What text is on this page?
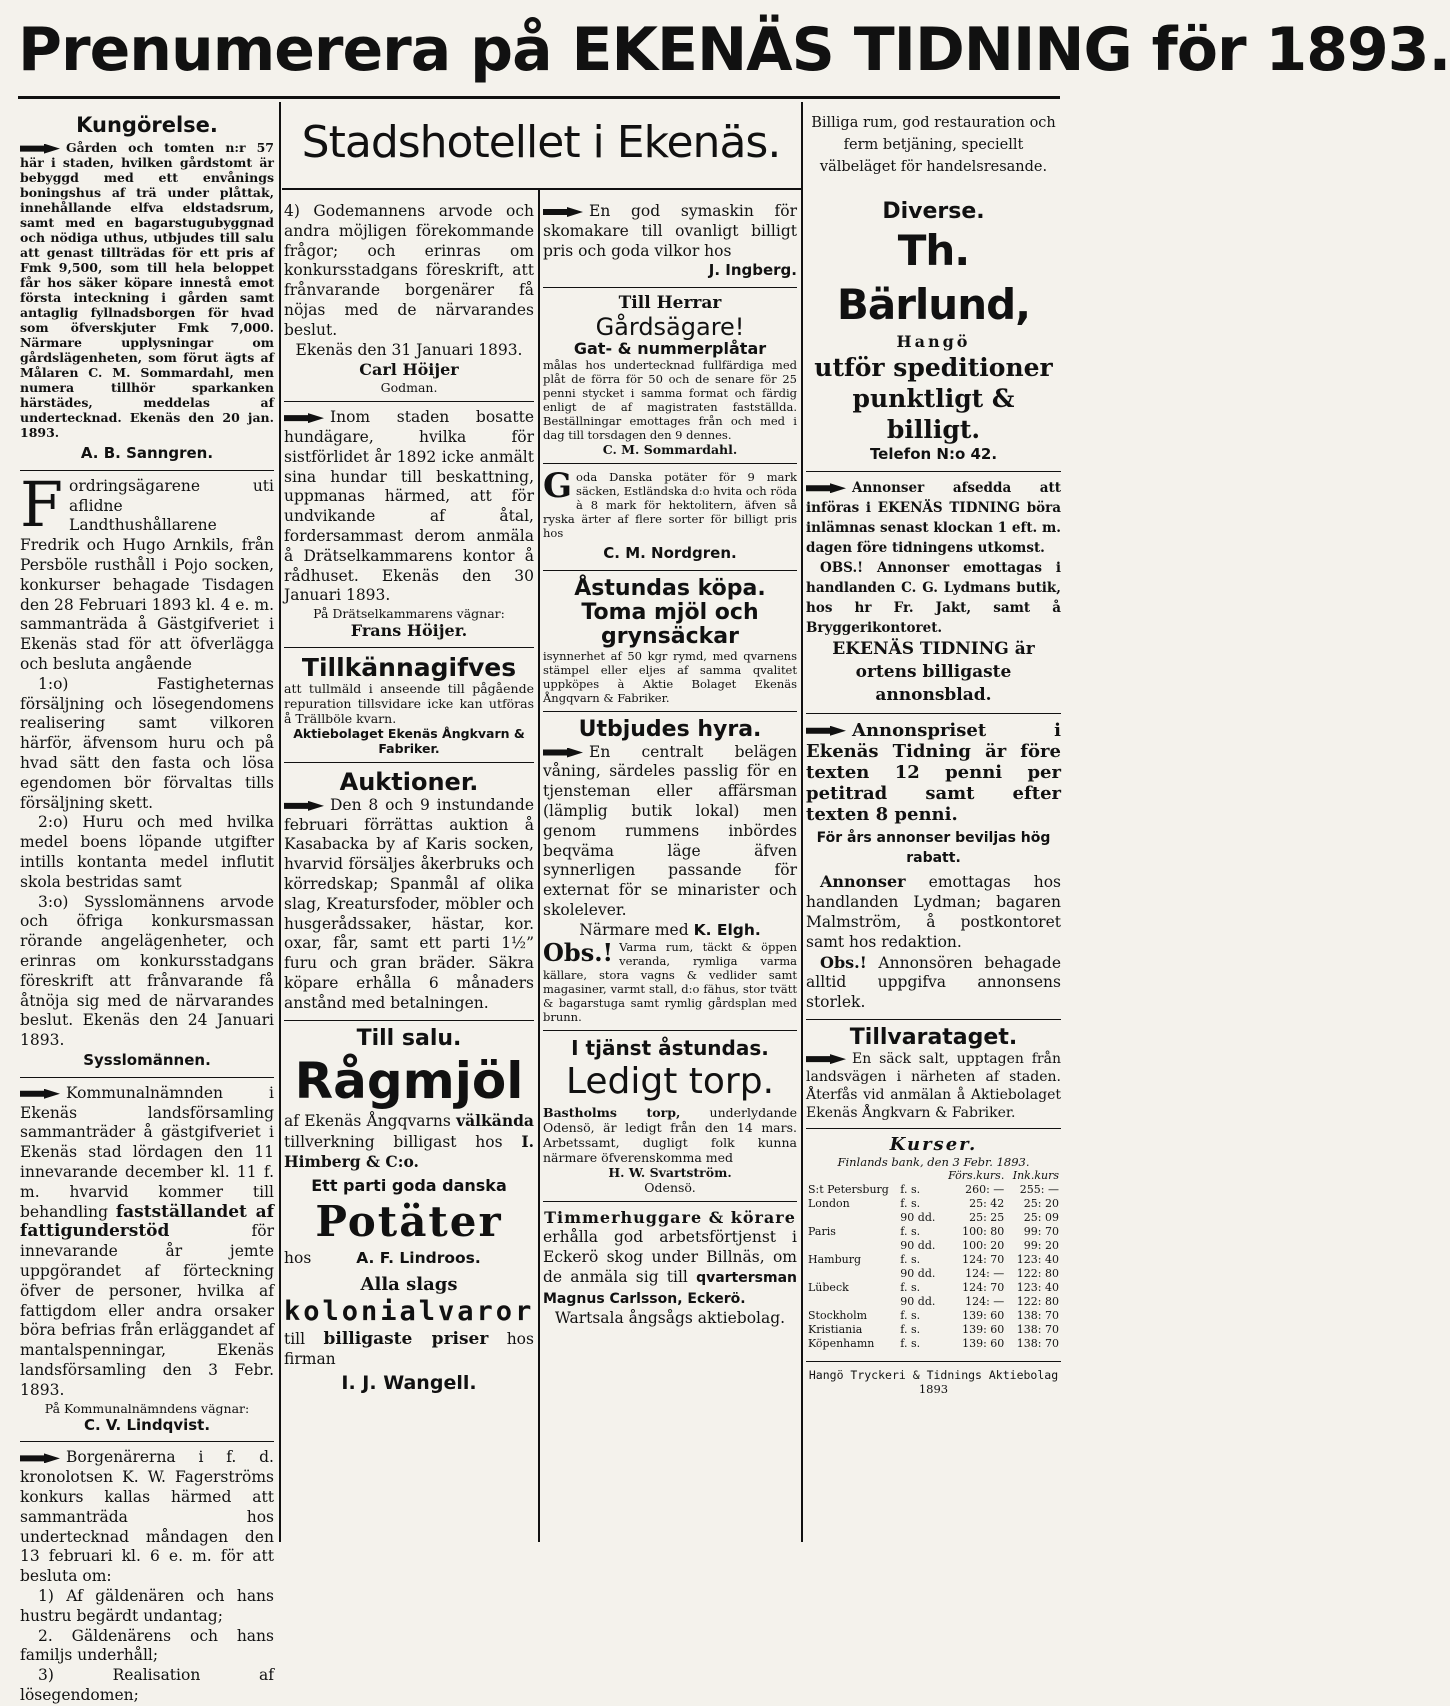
Prenumerera på EKENÄS TIDNING för 1893.

Kungörelse.

Gården och tomten n:r 57 här i staden, hvilken gårdstomt är bebyggd med ett envånings boningshus af trä under plåttak, innehållande elfva eldstadsrum, samt med en bagarstugubyggnad och nödiga uthus, utbjudes till salu att genast tillträdas för ett pris af Fmk 9,500, som till hela beloppet får hos säker köpare innestå emot första inteckning i gården samt antaglig fyllnadsborgen för hvad som öfverskjuter Fmk 7,000. Närmare upplysningar om gårdslägenheten, som förut ägts af Målaren C. M. Sommardahl, men numera tillhör sparkanken härstädes, meddelas af undertecknad. Ekenäs den 20 jan. 1893.

A. B. Sanngren.

Fordringsägarene uti aflidne Landthushållarene Fredrik och Hugo Arnkils, från Persböle rusthåll i Pojo socken, konkurser behagade Tisdagen den 28 Februari 1893 kl. 4 e. m. sammanträda å Gästgifveriet i Ekenäs stad för att öfverlägga och besluta angående

1:o) Fastigheternas försäljning och lösegendomens realisering samt vilkoren härför, äfvensom huru och på hvad sätt den fasta och lösa egendomen bör förvaltas tills försäljning skett.

2:o) Huru och med hvilka medel boens löpande utgifter intills kontanta medel influtit skola bestridas samt

3:o) Sysslomännens arvode och öfriga konkursmassan rörande angelägenheter, och erinras om konkursstadgans föreskrift att frånvarande få åtnöja sig med de närvarandes beslut. Ekenäs den 24 Januari 1893.

Sysslomännen.

Kommunalnämnden i Ekenäs landsförsamling sammanträder å gästgifveriet i Ekenäs stad lördagen den 11 innevarande december kl. 11 f. m. hvarvid kommer till behandling fastställandet af fattigunderstöd	för innevarande år jemte uppgörandet af förteckning öfver de personer, hvilka af fattigdom eller andra orsaker böra befrias från erläggandet af mantalspenningar, Ekenäs landsförsamling den 3 Febr. 1893.

På Kommunalnämndens vägnar:

C. V. Lindqvist.

Borgenärerna i f. d. kronolotsen K. W. Fagerströms konkurs kallas härmed att sammanträda hos undertecknad måndagen den 13 februari kl. 6 e. m. för att besluta om:

1) Af gäldenären och hans hustru begärdt undantag;

2. Gäldenärens och hans familjs underhåll;

3) Realisation af lösegendomen;

Stadshotellet i Ekenäs.

4) Godemannens arvode och andra möjligen förekommande frågor; och erinras om konkursstadgans föreskrift, att frånvarande borgenärer få nöjas med de närvarandes beslut.

Ekenäs den 31 Januari 1893.

Carl Höijer

Godman.

Inom staden bosatte hundägare, hvilka för sistförlidet år 1892 icke anmält sina hundar till beskattning, uppmanas härmed, att för undvikande af åtal, fordersammast derom anmäla å Drätselkammarens kontor å rådhuset. Ekenäs den 30 Januari 1893.

På Drätselkammarens vägnar:

Frans Höijer.

Tillkännagifves

att tullmäld i anseende till pågående repuration tillsvidare icke kan utföras å Trällböle kvarn.

Aktiebolaget Ekenäs Ångkvarn & Fabriker.

Auktioner.

Den 8 och 9 instundande februari förrättas auktion å Kasabacka by af Karis socken, hvarvid försäljes åkerbruks och körredskap; Spanmål af olika slag, Kreatursfoder, möbler och husgerådssaker, hästar, kor. oxar, får, samt ett parti 1½” furu och gran bräder. Säkra köpare erhålla 6 månaders anstånd med betalningen.

Till salu.

Rågmjöl

af Ekenäs Ångqvarns välkända tillverkning billigast hos I. Himberg & C:o.

Ett parti goda danska

Potäter

hos	A. F. Lindroos.

Alla slags

kolonialvaror

till billigaste priser hos firman

I. J. Wangell.

Billiga rum, god restauration och ferm betjäning, speciellt välbeläget för handelsresande.

En god symaskin för skomakare till ovanligt billigt pris och goda vilkor hos

J. Ingberg.

Till Herrar

Gårdsägare!

Gat- & nummerplåtar

målas hos undertecknad fullfärdiga med plåt de förra för 50 och de senare för 25 penni stycket i samma format och färdig enligt de af magistraten fastställda. Beställningar emottages från och med i dag till torsdagen den 9 dennes.

C. M. Sommardahl.

Goda Danska potäter för 9 mark säcken, Estländska d:o hvita och röda à 8 mark för hektolitern, äfven så ryska ärter af flere sorter för billigt pris hos

C. M. Nordgren.

Åstundas köpa.

Toma mjöl och grynsäckar

isynnerhet af 50 kgr rymd, med qvarnens stämpel eller eljes af samma qvalitet uppköpes à Aktie Bolaget Ekenäs Ångqvarn & Fabriker.

Utbjudes hyra.

En centralt belägen våning, särdeles passlig för en tjensteman eller affärsman (lämplig butik lokal) men genom rummens inbördes beqväma läge äfven synnerligen passande för externat för se minarister och skolelever.

Närmare med K. Elgh.

Obs.! Varma rum, täckt & öppen veranda, rymliga varma källare, stora vagns & vedlider samt magasiner, varmt stall, d:o fähus, stor tvätt & bagarstuga samt rymlig gårdsplan med brunn.

I tjänst åstundas.

Ledigt torp.

Bastholms torp, underlydande Odensö, är ledigt från den 14 mars. Arbetssamt, dugligt folk kunna närmare öfverenskomma med

H. W. Svartström.

Odensö.

Timmerhuggare & körare

erhålla god arbetsförtjenst i Eckerö skog under Billnäs, om de anmäla sig till qvartersman Magnus Carlsson, Eckerö.

Wartsala ångsågs aktiebolag.

Diverse.

Th. Bärlund,

Hangö

utför speditioner punktligt & billigt.

Telefon N:o 42.

Annonser afsedda att införas i EKENÄS TIDNING böra inlämnas senast klockan 1 eft. m. dagen före tidningens utkomst.

OBS.! Annonser emottagas i handlanden C. G. Lydmans butik, hos hr Fr. Jakt, samt å Bryggerikontoret.

EKENÄS TIDNING är ortens billigaste annonsblad.

Annonspriset i Ekenäs Tidning är före texten 12 penni per petitrad samt efter texten 8 penni.

För års annonser beviljas hög rabatt.

Annonser emottagas hos handlanden Lydman; bagaren Malmström, å postkontoret samt hos redaktion.

Obs.! Annonsören behagade alltid uppgifva annonsens storlek.

Tillvarataget.

En säck salt, upptagen från landsvägen i närheten af staden. Återfås vid anmälan å Aktiebolaget Ekenäs Ångkvarn & Fabriker.

Kurser.

Finlands bank, den 3 Febr. 1893.

		Förs.kurs.	Ink.kurs
S:t Petersburg	f. s.	260: —	255: —
London	f. s.	25: 42	25: 20
	90 dd.	25: 25	25: 09
Paris	f. s.	100: 80	99: 70
	90 dd.	100: 20	99: 20
Hamburg	f. s.	124: 70	123: 40
	90 dd.	124: —	122: 80
Lübeck	f. s.	124: 70	123: 40
	90 dd.	124: —	122: 80
Stockholm	f. s.	139: 60	138: 70
Kristiania	f. s.	139: 60	138: 70
Köpenhamn	f. s.	139: 60	138: 70

Hangö Tryckeri & Tidnings Aktiebolag

1893
